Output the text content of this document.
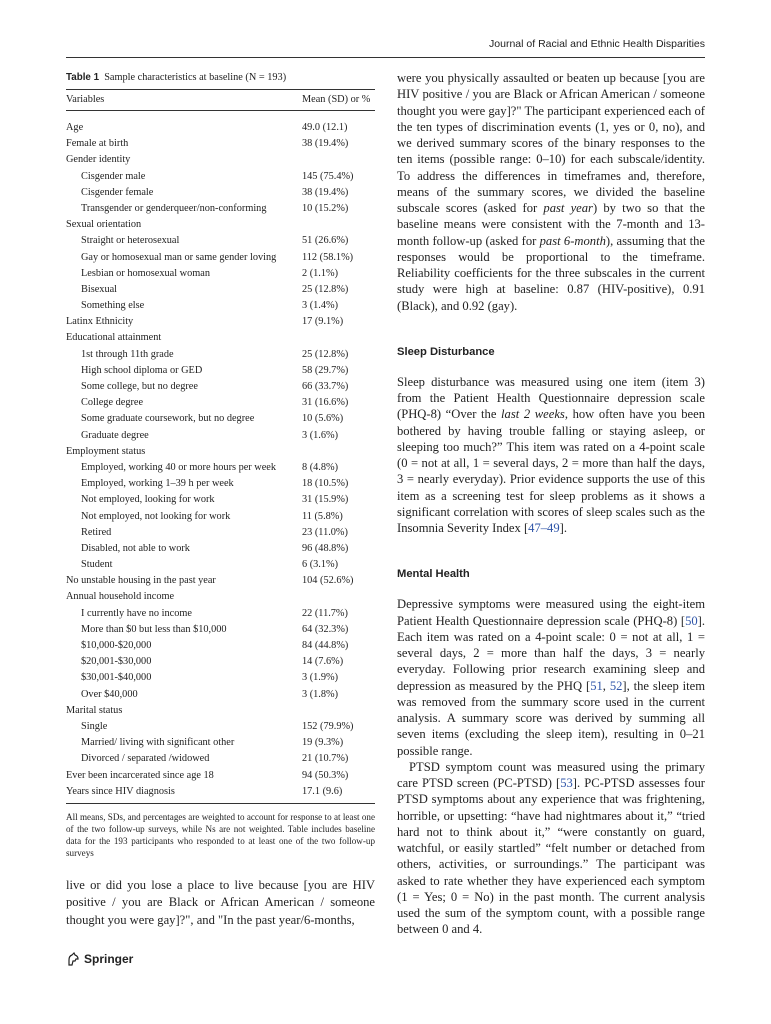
Journal of Racial and Ethnic Health Disparities
Table 1 Sample characteristics at baseline (N = 193)
Variables	Mean (SD) or %
Age	49.0 (12.1)
Female at birth	38 (19.4%)
Gender identity
Cisgender male	145 (75.4%)
Cisgender female	38 (19.4%)
Transgender or genderqueer/non-conforming	10 (15.2%)
Sexual orientation
Straight or heterosexual	51 (26.6%)
Gay or homosexual man or same gender loving 112 (58.1%)
Lesbian or homosexual woman	2 (1.1%)
Bisexual	25 (12.8%)
Something else	3 (1.4%)
Latinx Ethnicity	17 (9.1%)
Educational attainment
1st through 11th grade	25 (12.8%)
High school diploma or GED	58 (29.7%)
Some college, but no degree	66 (33.7%)
College degree	31 (16.6%)
Some graduate coursework, but no degree	10 (5.6%)
Graduate degree	3 (1.6%)
Employment status
Employed, working 40 or more hours per week	8 (4.8%)
Employed, working 1–39 h per week	18 (10.5%)
Not employed, looking for work	31 (15.9%)
Not employed, not looking for work	11 (5.8%)
Retired	23 (11.0%)
Disabled, not able to work	96 (48.8%)
Student	6 (3.1%)
No unstable housing in the past year	104 (52.6%)
Annual household income
I currently have no income	22 (11.7%)
More than $0 but less than $10,000	64 (32.3%)
$10,000-$20,000	84 (44.8%)
$20,001-$30,000	14 (7.6%)
$30,001-$40,000	3 (1.9%)
Over $40,000	3 (1.8%)
Marital status
Single	152 (79.9%)
Married/ living with significant other	19 (9.3%)
Divorced / separated /widowed	21 (10.7%)
Ever been incarcerated since age 18	94 (50.3%)
Years since HIV diagnosis	17.1 (9.6)
All means, SDs, and percentages are weighted to account for response to at least one of the two follow-up surveys, while Ns are not weighted. Table includes baseline data for the 193 participants who responded to at least one of the two follow-up surveys
live or did you lose a place to live because [you are HIV positive / you are Black or African American / someone thought you were gay]?", and "In the past year/6-months,

were you physically assaulted or beaten up because [you are HIV positive / you are Black or African American / someone thought you were gay]?" The participant experienced each of the ten types of discrimination events (1, yes or 0, no), and we derived summary scores of the binary responses to the ten items (possible range: 0–10) for each subscale/identity. To address the differences in timeframes and, therefore, means of the summary scores, we divided the baseline subscale scores (asked for past year) by two so that the baseline means were consistent with the 7-month and 13-month follow-up (asked for past 6-month), assuming that the responses would be proportional to the timeframe. Reliability coefficients for the three subscales in the current study were high at baseline: 0.87 (HIV-positive), 0.91 (Black), and 0.92 (gay).

Sleep Disturbance

Sleep disturbance was measured using one item (item 3) from the Patient Health Questionnaire depression scale (PHQ-8) “Over the last 2 weeks, how often have you been bothered by having trouble falling or staying asleep, or sleeping too much?” This item was rated on a 4-point scale (0 = not at all, 1 = several days, 2 = more than half the days, 3 = nearly everyday). Prior evidence supports the use of this item as a screening test for sleep problems as it shows a significant correlation with scores of sleep scales such as the Insomnia Severity Index [47–49].

Mental Health

Depressive symptoms were measured using the eight-item Patient Health Questionnaire depression scale (PHQ-8) [50]. Each item was rated on a 4-point scale: 0 = not at all, 1 = several days, 2 = more than half the days, 3 = nearly everyday. Following prior research examining sleep and depression as measured by the PHQ [51, 52], the sleep item was removed from the summary score used in the current analysis. A summary score was derived by summing all seven items (excluding the sleep item), resulting in 0–21 possible range.

PTSD symptom count was measured using the primary care PTSD screen (PC-PTSD) [53]. PC-PTSD assesses four PTSD symptoms about any experience that was frightening, horrible, or upsetting: “have had nightmares about it,” “tried hard not to think about it,” “were constantly on guard, watchful, or easily startled” “felt number or detached from others, activities, or surroundings.” The participant was asked to rate whether they have experienced each symptom (1 = Yes; 0 = No) in the past month. The current analysis used the sum of the symptom count, with a possible range between 0 and 4.

Springer
